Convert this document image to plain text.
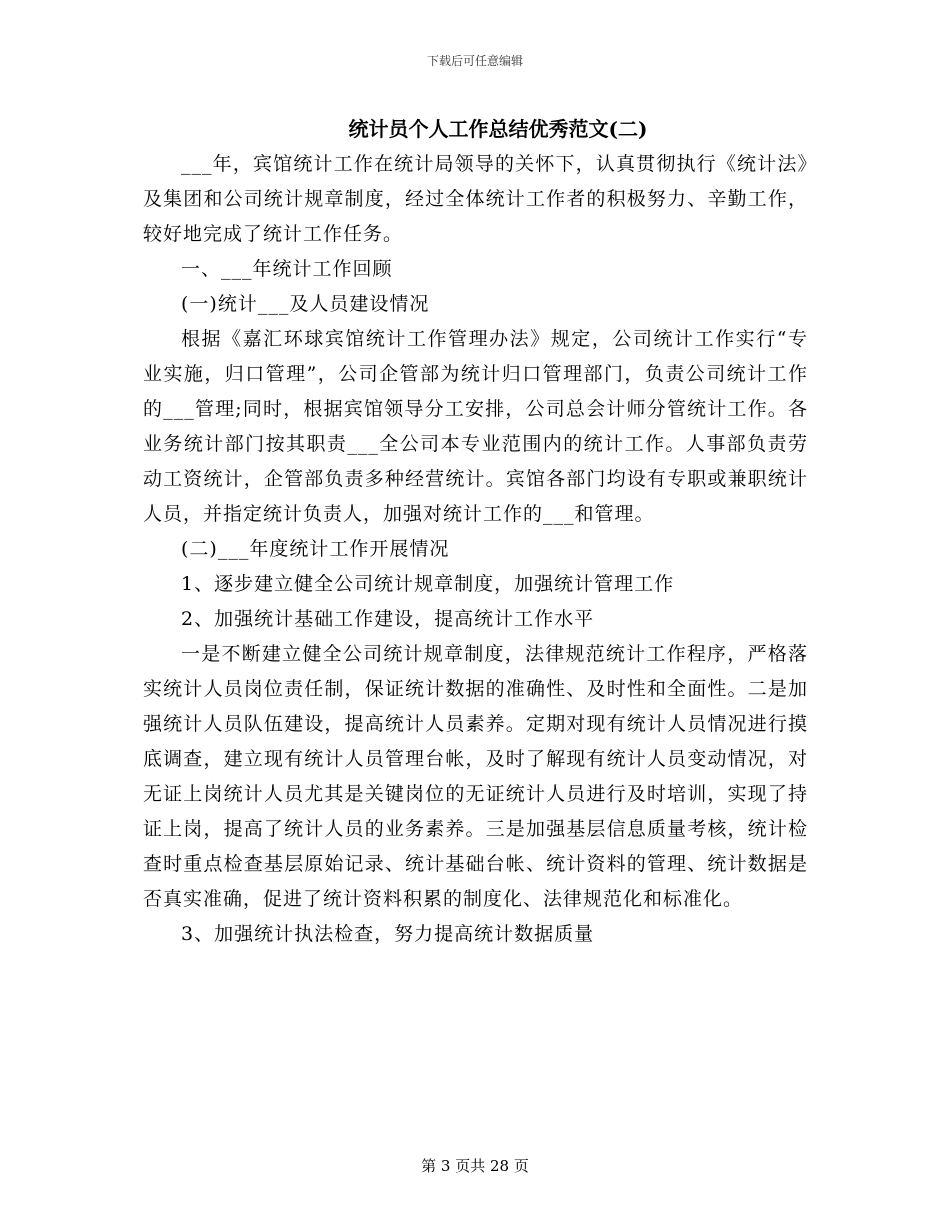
下载后可任意编辑
统计员个人工作总结优秀范文(二)

___年，宾馆统计工作在统计局领导的关怀下，认真贯彻执行《统计法》及集团和公司统计规章制度，经过全体统计工作者的积极努力、辛勤工作，较好地完成了统计工作任务。

一、___年统计工作回顾

(一)统计___及人员建设情况

根据《嘉汇环球宾馆统计工作管理办法》规定，公司统计工作实行“专业实施，归口管理”，公司企管部为统计归口管理部门，负责公司统计工作的___管理;同时，根据宾馆领导分工安排，公司总会计师分管统计工作。各业务统计部门按其职责___全公司本专业范围内的统计工作。人事部负责劳动工资统计，企管部负责多种经营统计。宾馆各部门均设有专职或兼职统计人员，并指定统计负责人，加强对统计工作的___和管理。

(二)___年度统计工作开展情况

1、逐步建立健全公司统计规章制度，加强统计管理工作

2、加强统计基础工作建设，提高统计工作水平

一是不断建立健全公司统计规章制度，法律规范统计工作程序，严格落实统计人员岗位责任制，保证统计数据的准确性、及时性和全面性。二是加强统计人员队伍建设，提高统计人员素养。定期对现有统计人员情况进行摸底调查，建立现有统计人员管理台帐，及时了解现有统计人员变动情况，对无证上岗统计人员尤其是关键岗位的无证统计人员进行及时培训，实现了持证上岗，提高了统计人员的业务素养。三是加强基层信息质量考核，统计检查时重点检查基层原始记录、统计基础台帐、统计资料的管理、统计数据是否真实准确，促进了统计资料积累的制度化、法律规范化和标准化。

3、加强统计执法检查，努力提高统计数据质量

第 3 页共 28 页
